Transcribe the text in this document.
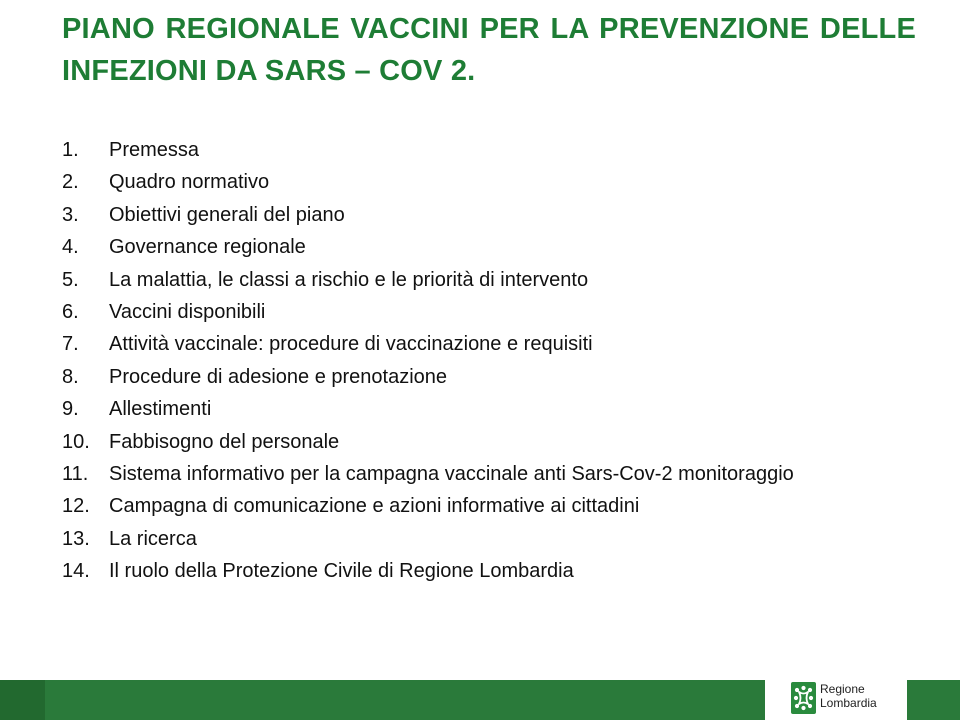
PIANO REGIONALE VACCINI PER LA PREVENZIONE DELLE INFEZIONI DA SARS – COV 2.
1.	Premessa
2.	Quadro normativo
3.	Obiettivi generali del piano
4.	Governance regionale
5.	La malattia, le classi a rischio e le priorità di intervento
6.	Vaccini disponibili
7.	Attività vaccinale: procedure di vaccinazione e requisiti
8.	Procedure di adesione e prenotazione
9.	Allestimenti
10. Fabbisogno del personale
11.	Sistema informativo per la campagna vaccinale anti Sars-Cov-2 monitoraggio
12. Campagna di comunicazione e azioni informative ai cittadini
13. La ricerca
14. Il ruolo della Protezione Civile di Regione Lombardia
Regione
Lombardia
